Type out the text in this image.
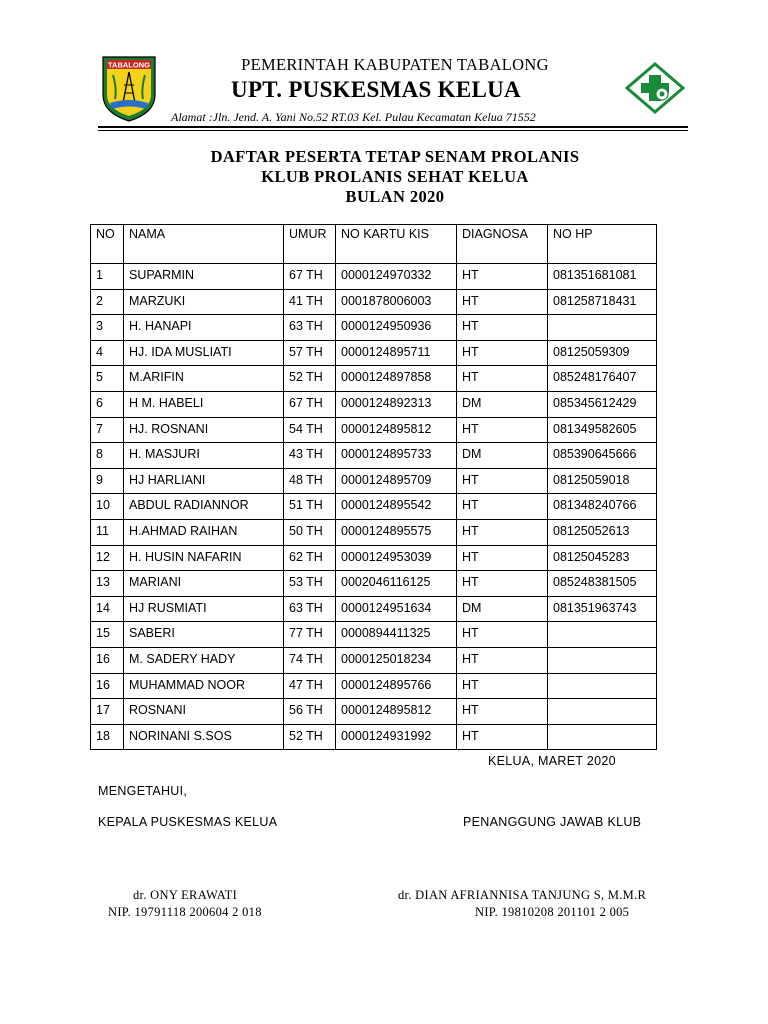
TABALONG	PEMERINTAH KABUPATEN TABALONG
UPT. PUSKESMAS KELUA
Alamat :Jln. Jend. A. Yani No.52 RT.03 Kel. Pulau Kecamatan Kelua 71552
DAFTAR PESERTA TETAP SENAM PROLANIS
KLUB PROLANIS SEHAT KELUA
BULAN 2020
NO	NAMA	UMUR	NO KARTU KIS	DIAGNOSA	NO HP
1	SUPARMIN	67 TH	0000124970332	HT	081351681081
2	MARZUKI	41 TH	0001878006003	HT	081258718431
3	H. HANAPI	63 TH	0000124950936	HT	
4	HJ. IDA MUSLIATI	57 TH	0000124895711	HT	08125059309
5	M.ARIFIN	52 TH	0000124897858	HT	085248176407
6	H M. HABELI	67 TH	0000124892313	DM	085345612429
7	HJ. ROSNANI	54 TH	0000124895812	HT	081349582605
8	H. MASJURI	43 TH	0000124895733	DM	085390645666
9	HJ HARLIANI	48 TH	0000124895709	HT	08125059018
10	ABDUL RADIANNOR	51 TH	0000124895542	HT	081348240766
11	H.AHMAD RAIHAN	50 TH	0000124895575	HT	08125052613
12	H. HUSIN NAFARIN	62 TH	0000124953039	HT	08125045283
13	MARIANI	53 TH	0002046116125	HT	085248381505
14	HJ RUSMIATI	63 TH	0000124951634	DM	081351963743
15	SABERI	77 TH	0000894411325	HT	
16	M. SADERY HADY	74 TH	0000125018234	HT	
16	MUHAMMAD NOOR	47 TH	0000124895766	HT	
17	ROSNANI	56 TH	0000124895812	HT	
18	NORINANI S.SOS	52 TH	0000124931992	HT	
KELUA, MARET 2020
MENGETAHUI,
KEPALA PUSKESMAS KELUA	PENANGGUNG JAWAB KLUB
dr. ONY ERAWATI
NIP. 19791118 200604 2 018
dr. DIAN AFRIANNISA TANJUNG S, M.M.R
NIP. 19810208 201101 2 005
